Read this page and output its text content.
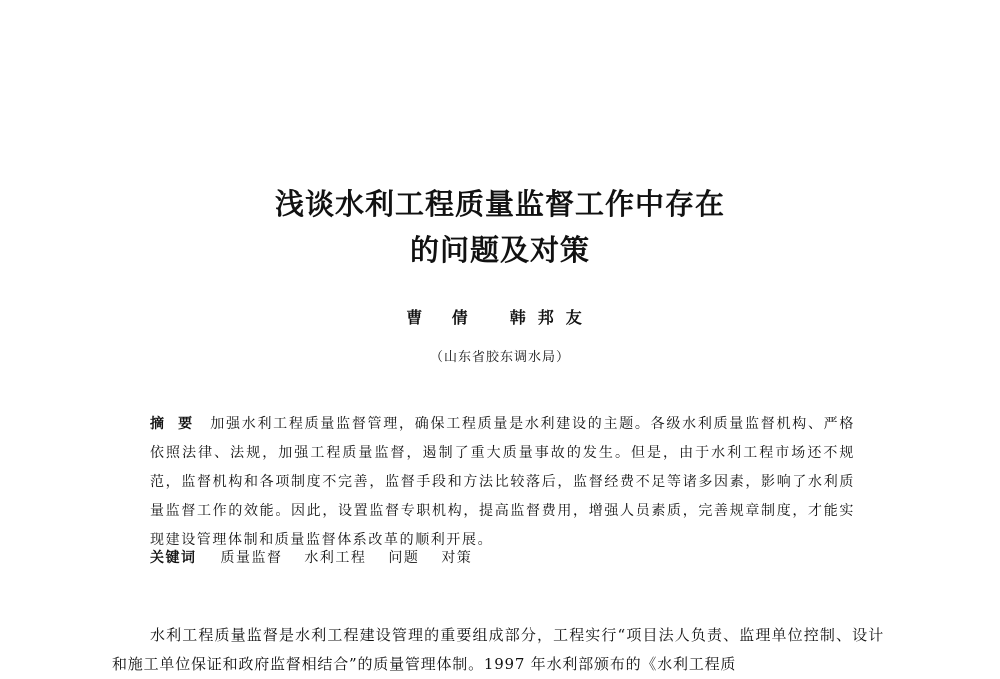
浅谈水利工程质量监督工作中存在
的问题及对策
曹 倩 韩邦友
（山东省胶东调水局）
摘要 加强水利工程质量监督管理，确保工程质量是水利建设的主题。各级水利质量监督机构、严格依照法律、法规，加强工程质量监督，遏制了重大质量事故的发生。但是，由于水利工程市场还不规范，监督机构和各项制度不完善，监督手段和方法比较落后，监督经费不足等诸多因素，影响了水利质量监督工作的效能。因此，设置监督专职机构，提高监督费用，增强人员素质，完善规章制度，才能实现建设管理体制和质量监督体系改革的顺利开展。
关键词 质量监督 水利工程 问题 对策

水利工程质量监督是水利工程建设管理的重要组成部分，工程实行“项目法人负责、监理单位控制、设计和施工单位保证和政府监督相结合”的质量管理体制。1997 年水利部颁布的《水利工程质
